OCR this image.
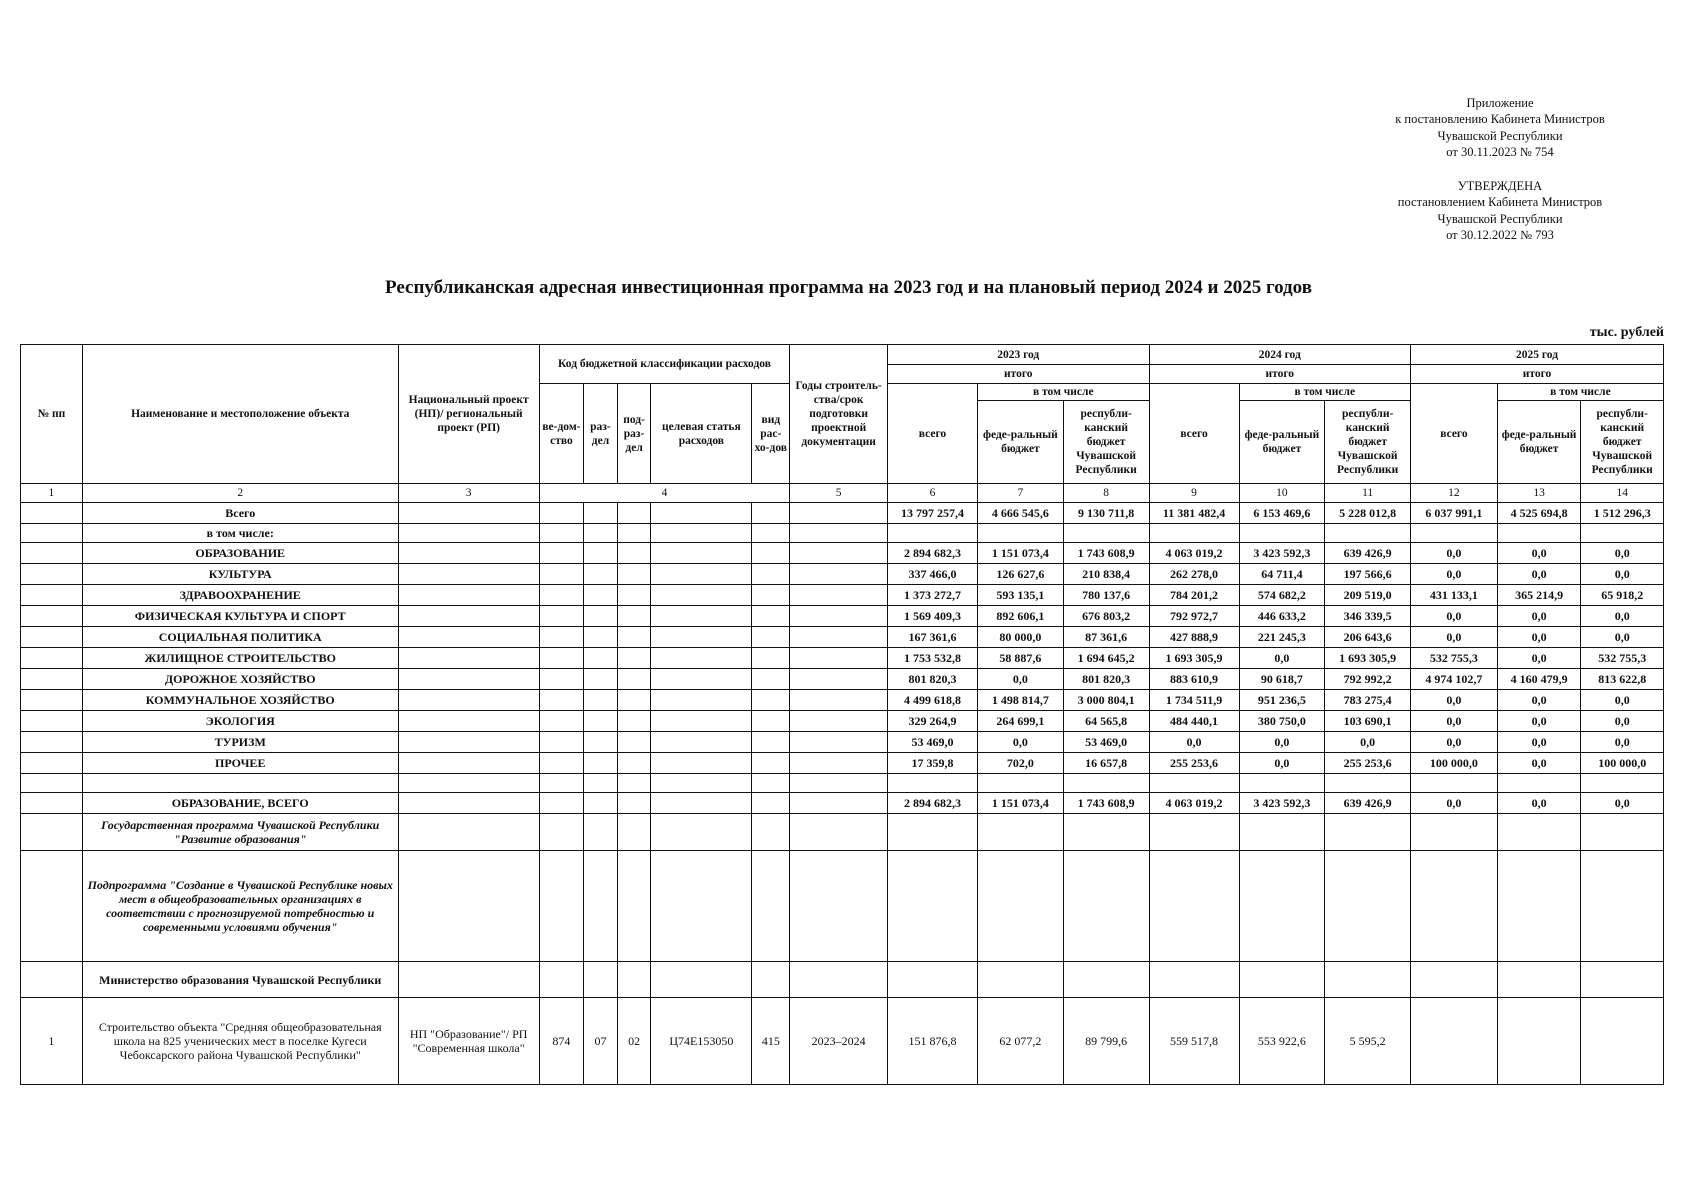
Приложение
к постановлению Кабинета Министров
Чувашской Республики
от 30.11.2023 № 754
УТВЕРЖДЕНА
постановлением Кабинета Министров
Чувашской Республики
от 30.12.2022 № 793
Республиканская адресная инвестиционная программа на 2023 год и на плановый период 2024 и 2025 годов
тыс. рублей
№ пп	Наименование и местоположение объекта	Национальный проект (НП)/ региональный проект (РП)	Код бюджетной классификации расходов					Годы строитель-ства/срок подготовки проектной документации	2023 год			2024 год			2025 год		
									итого			итого			итого		
			ве-дом-ство	раз-дел	под-раз-дел	целевая статья расходов	вид рас-хо-дов		всего	в том числе		всего	в том числе		всего	в том числе	
										феде-ральный бюджет	республи-канский бюджет Чувашской Республики		феде-ральный бюджет	республи-канский бюджет Чувашской Республики		феде-ральный бюджет	республи-канский бюджет Чувашской Республики
1	2	3	4					5	6	7	8	9	10	11	12	13	14
	Всего								13 797 257,4	4 666 545,6	9 130 711,8	11 381 482,4	6 153 469,6	5 228 012,8	6 037 991,1	4 525 694,8	1 512 296,3
	в том числе:																
	ОБРАЗОВАНИЕ								2 894 682,3	1 151 073,4	1 743 608,9	4 063 019,2	3 423 592,3	639 426,9	0,0	0,0	0,0
	КУЛЬТУРА								337 466,0	126 627,6	210 838,4	262 278,0	64 711,4	197 566,6	0,0	0,0	0,0
	ЗДРАВООХРАНЕНИЕ								1 373 272,7	593 135,1	780 137,6	784 201,2	574 682,2	209 519,0	431 133,1	365 214,9	65 918,2
	ФИЗИЧЕСКАЯ КУЛЬТУРА И СПОРТ								1 569 409,3	892 606,1	676 803,2	792 972,7	446 633,2	346 339,5	0,0	0,0	0,0
	СОЦИАЛЬНАЯ ПОЛИТИКА								167 361,6	80 000,0	87 361,6	427 888,9	221 245,3	206 643,6	0,0	0,0	0,0
	ЖИЛИЩНОЕ СТРОИТЕЛЬСТВО								1 753 532,8	58 887,6	1 694 645,2	1 693 305,9	0,0	1 693 305,9	532 755,3	0,0	532 755,3
	ДОРОЖНОЕ ХОЗЯЙСТВО								801 820,3	0,0	801 820,3	883 610,9	90 618,7	792 992,2	4 974 102,7	4 160 479,9	813 622,8
	КОММУНАЛЬНОЕ ХОЗЯЙСТВО								4 499 618,8	1 498 814,7	3 000 804,1	1 734 511,9	951 236,5	783 275,4	0,0	0,0	0,0
	ЭКОЛОГИЯ								329 264,9	264 699,1	64 565,8	484 440,1	380 750,0	103 690,1	0,0	0,0	0,0
	ТУРИЗМ								53 469,0	0,0	53 469,0	0,0	0,0	0,0	0,0	0,0	0,0
	ПРОЧЕЕ								17 359,8	702,0	16 657,8	255 253,6	0,0	255 253,6	100 000,0	0,0	100 000,0

	ОБРАЗОВАНИЕ, ВСЕГО								2 894 682,3	1 151 073,4	1 743 608,9	4 063 019,2	3 423 592,3	639 426,9	0,0	0,0	0,0
	Государственная программа Чувашской Республики "Развитие образования"																
	Подпрограмма "Создание в Чувашской Республике новых мест в общеобразовательных организациях в соответствии с прогнозируемой потребностью и современными условиями обучения"																
	Министерство образования Чувашской Республики																
1	Строительство объекта "Средняя общеобразовательная школа на 825 ученических мест в поселке Кугеси Чебоксарского района Чувашской Республики"	НП "Образование"/ РП "Современная школа"	874	07	02	Ц74Е153050	415	2023–2024	151 876,8	62 077,2	89 799,6	559 517,8	553 922,6	5 595,2			
